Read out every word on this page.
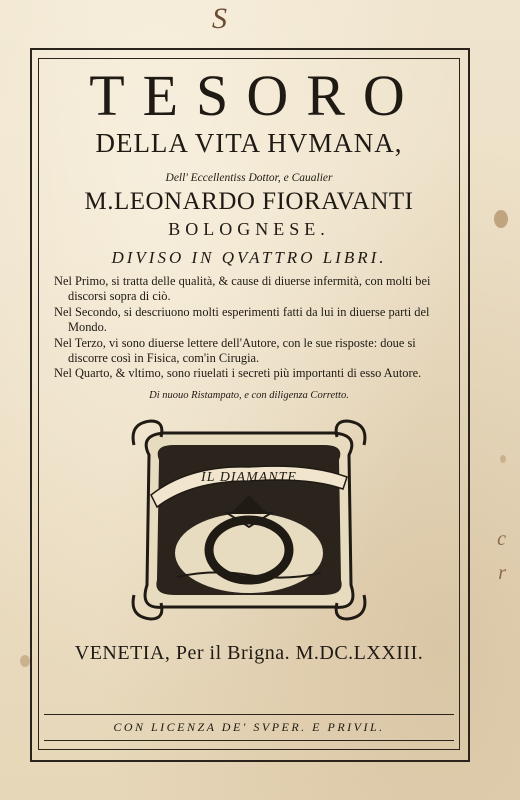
S
c
r
TESORO
DELLA VITA HVMANA,
Dell' Eccellentiss Dottor, e Caualier
M.LEONARDO FIORAVANTI
BOLOGNESE.
DIVISO IN QVATTRO LIBRI.

Nel Primo, si tratta delle qualità, & cause di diuerse infermità, con molti bei discorsi sopra di ciò.

Nel Secondo, si descriuono molti esperimenti fatti da lui in diuerse parti del Mondo.

Nel Terzo, vi sono diuerse lettere dell'Autore, con le sue risposte: doue si discorre così in Fisica, com'in Cirugia.

Nel Quarto, & vltimo, sono riuelati i secreti più importanti di esso Autore.

Di nuouo Ristampato, e con diligenza Corretto.
IL DIAMANTE
VENETIA, Per il Brigna. M.DC.LXXIII.
CON LICENZA DE' SVPER. E PRIVIL.
